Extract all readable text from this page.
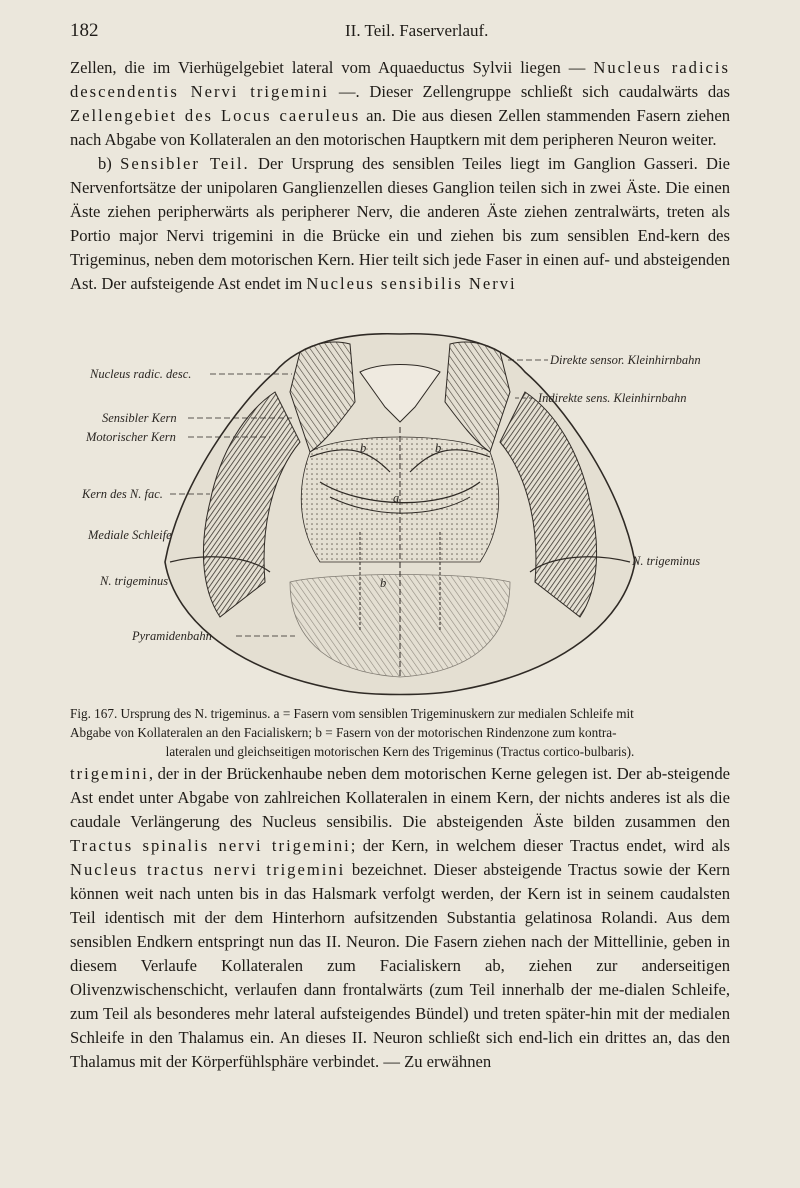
182	II. Teil. Faserverlauf.

Zellen, die im Vierhügelgebiet lateral vom Aquaeductus Sylvii liegen — Nucleus radicis descendentis Nervi trigemini —. Dieser Zellengruppe schließt sich caudalwärts das Zellengebiet des Locus caeruleus an. Die aus diesen Zellen stammenden Fasern ziehen nach Abgabe von Kollateralen an den motorischen Hauptkern mit dem peripheren Neuron weiter.

b) Sensibler Teil. Der Ursprung des sensiblen Teiles liegt im Ganglion Gasseri. Die Nervenfortsätze der unipolaren Ganglienzellen dieses Ganglion teilen sich in zwei Äste. Die einen Äste ziehen peripherwärts als peripherer Nerv, die anderen Äste ziehen zentralwärts, treten als Portio major Nervi trigemini in die Brücke ein und ziehen bis zum sensiblen End-kern des Trigeminus, neben dem motorischen Kern. Hier teilt sich jede Faser in einen auf- und absteigenden Ast. Der aufsteigende Ast endet im Nucleus sensibilis Nervi

b	b
a
b
Nucleus radic. desc.
Sensibler Kern
Motorischer Kern
Kern des N. fac.
Mediale Schleife
N. trigeminus
Pyramidenbahn
Direkte sensor. Kleinhirnbahn
Indirekte sens. Kleinhirnbahn
N. trigeminus

Fig. 167. Ursprung des N. trigeminus. a = Fasern vom sensiblen Trigeminuskern zur medialen Schleife mit

Abgabe von Kollateralen an den Facialiskern; b = Fasern von der motorischen Rindenzone zum kontra-

lateralen und gleichseitigen motorischen Kern des Trigeminus (Tractus cortico-bulbaris).

trigemini, der in der Brückenhaube neben dem motorischen Kerne gelegen ist. Der ab-steigende Ast endet unter Abgabe von zahlreichen Kollateralen in einem Kern, der nichts anderes ist als die caudale Verlängerung des Nucleus sensibilis. Die absteigenden Äste bilden zusammen den Tractus spinalis nervi trigemini; der Kern, in welchem dieser Tractus endet, wird als Nucleus tractus nervi trigemini bezeichnet. Dieser absteigende Tractus sowie der Kern können weit nach unten bis in das Halsmark verfolgt werden, der Kern ist in seinem caudalsten Teil identisch mit der dem Hinterhorn aufsitzenden Substantia gelatinosa Rolandi. Aus dem sensiblen Endkern entspringt nun das II. Neuron. Die Fasern ziehen nach der Mittellinie, geben in diesem Verlaufe Kollateralen zum Facialiskern ab, ziehen zur anderseitigen Olivenzwischenschicht, verlaufen dann frontalwärts (zum Teil innerhalb der me-dialen Schleife, zum Teil als besonderes mehr lateral aufsteigendes Bündel) und treten später-hin mit der medialen Schleife in den Thalamus ein. An dieses II. Neuron schließt sich end-lich ein drittes an, das den Thalamus mit der Körperfühlsphäre verbindet. — Zu erwähnen
